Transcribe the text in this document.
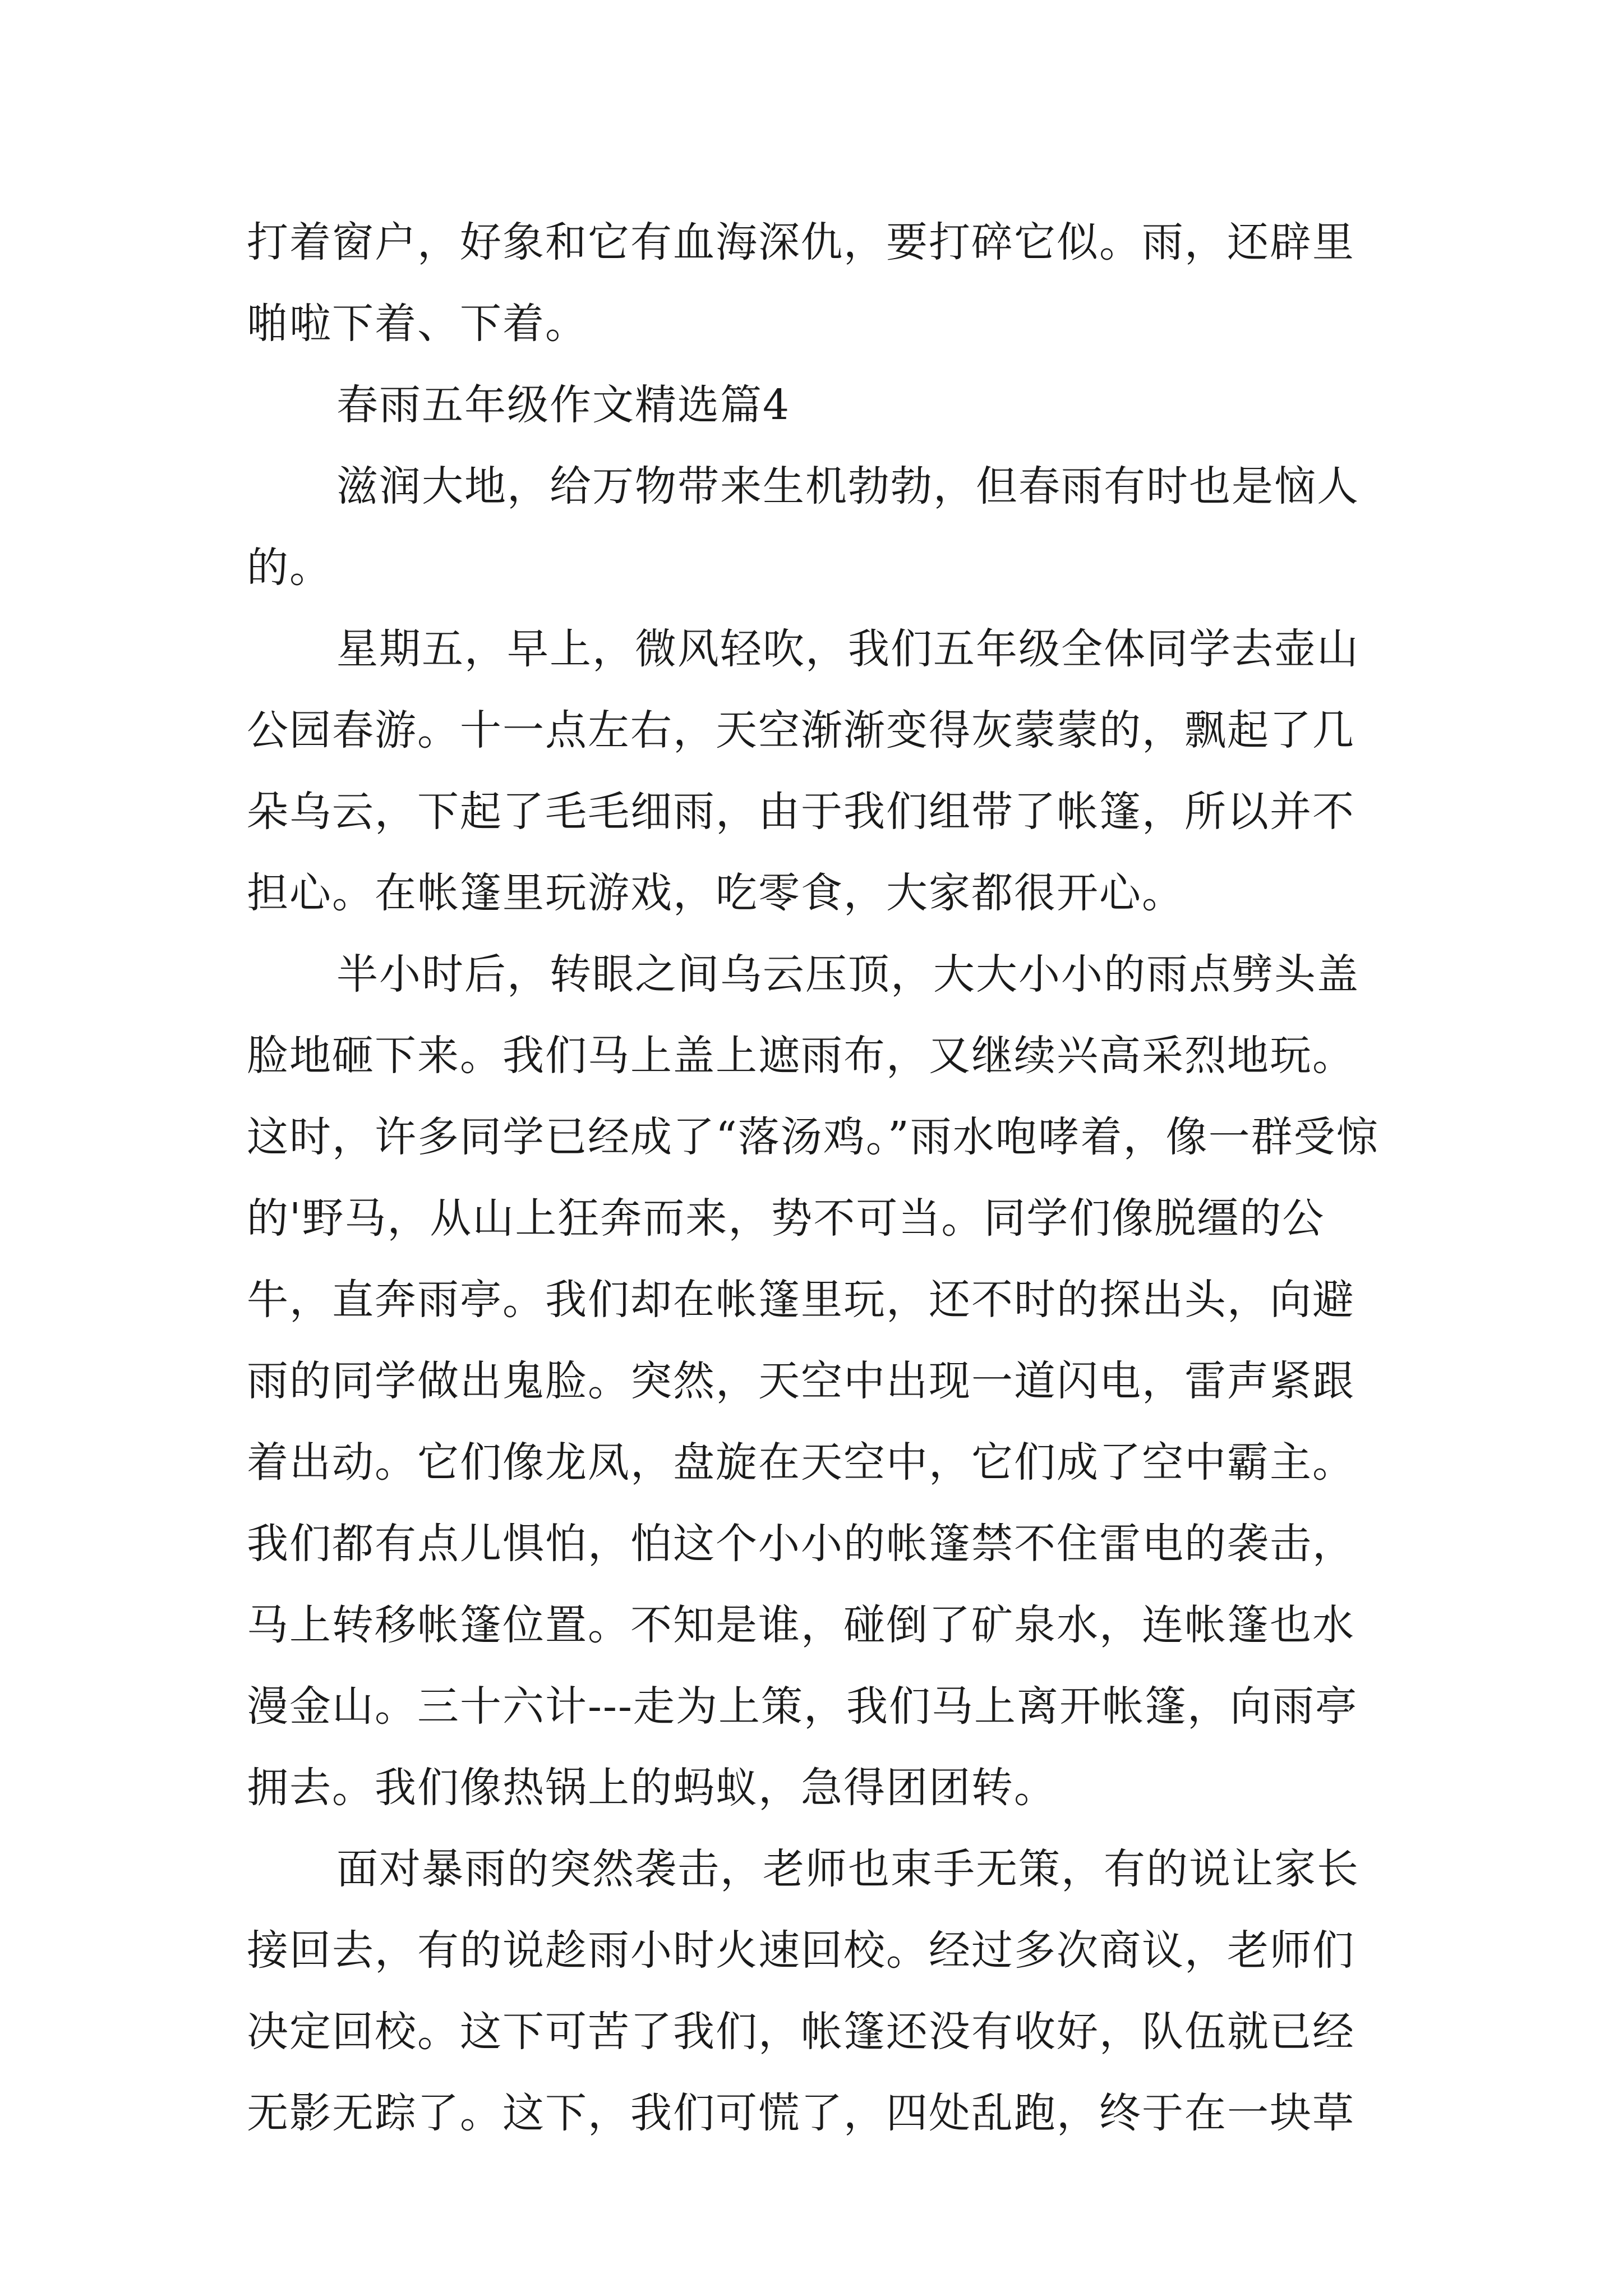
打着窗户，好象和它有血海深仇，要打碎它似。雨，还辟里啪啦下着、下着。

春雨五年级作文精选篇4

滋润大地，给万物带来生机勃勃，但春雨有时也是恼人的。

星期五，早上，微风轻吹，我们五年级全体同学去壶山公园春游。十一点左右，天空渐渐变得灰蒙蒙的，飘起了几朵乌云，下起了毛毛细雨，由于我们组带了帐篷，所以并不担心。在帐篷里玩游戏，吃零食，大家都很开心。

半小时后，转眼之间乌云压顶，大大小小的雨点劈头盖脸地砸下来。我们马上盖上遮雨布，又继续兴高采烈地玩。这时，许多同学已经成了“落汤鸡。”雨水咆哮着，像一群受惊的'野马，从山上狂奔而来，势不可当。同学们像脱缰的公牛，直奔雨亭。我们却在帐篷里玩，还不时的探出头，向避雨的同学做出鬼脸。突然，天空中出现一道闪电，雷声紧跟着出动。它们像龙凤，盘旋在天空中，它们成了空中霸主。我们都有点儿惧怕，怕这个小小的帐篷禁不住雷电的袭击，马上转移帐篷位置。不知是谁，碰倒了矿泉水，连帐篷也水漫金山。三十六计---走为上策，我们马上离开帐篷，向雨亭拥去。我们像热锅上的蚂蚁，急得团团转。

面对暴雨的突然袭击，老师也束手无策，有的说让家长接回去，有的说趁雨小时火速回校。经过多次商议，老师们决定回校。这下可苦了我们，帐篷还没有收好，队伍就已经无影无踪了。这下，我们可慌了，四处乱跑，终于在一块草
